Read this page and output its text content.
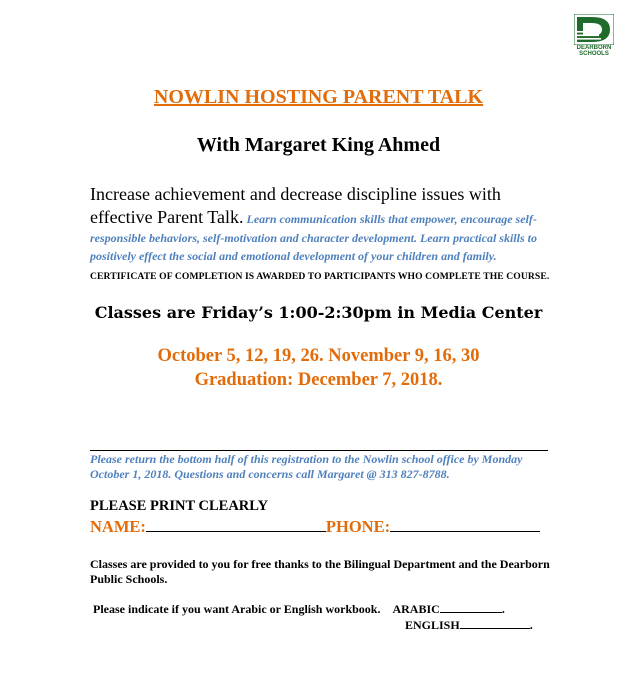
DEARBORN
SCHOOLS
NOWLIN HOSTING PARENT TALK
With Margaret King Ahmed
Increase achievement and decrease discipline issues with effective Parent Talk. Learn communication skills that empower, encourage self-responsible behaviors, self-motivation and character development. Learn practical skills to positively effect the social and emotional development of your children and family. CERTIFICATE OF COMPLETION IS AWARDED TO PARTICIPANTS WHO COMPLETE THE COURSE.
Classes are Friday’s 1:00-2:30pm in Media Center
October 5, 12, 19, 26. November 9, 16, 30
Graduation: December 7, 2018.
Please return the bottom half of this registration to the Nowlin school office by Monday October 1, 2018. Questions and concerns call Margaret @ 313 827-8788.
PLEASE PRINT CLEARLY
NAME:	PHONE:
Classes are provided to you for free thanks to the Bilingual Department and the Dearborn Public Schools.
Please indicate if you want Arabic or English workbook. ARABIC	.
ENGLISH	.
